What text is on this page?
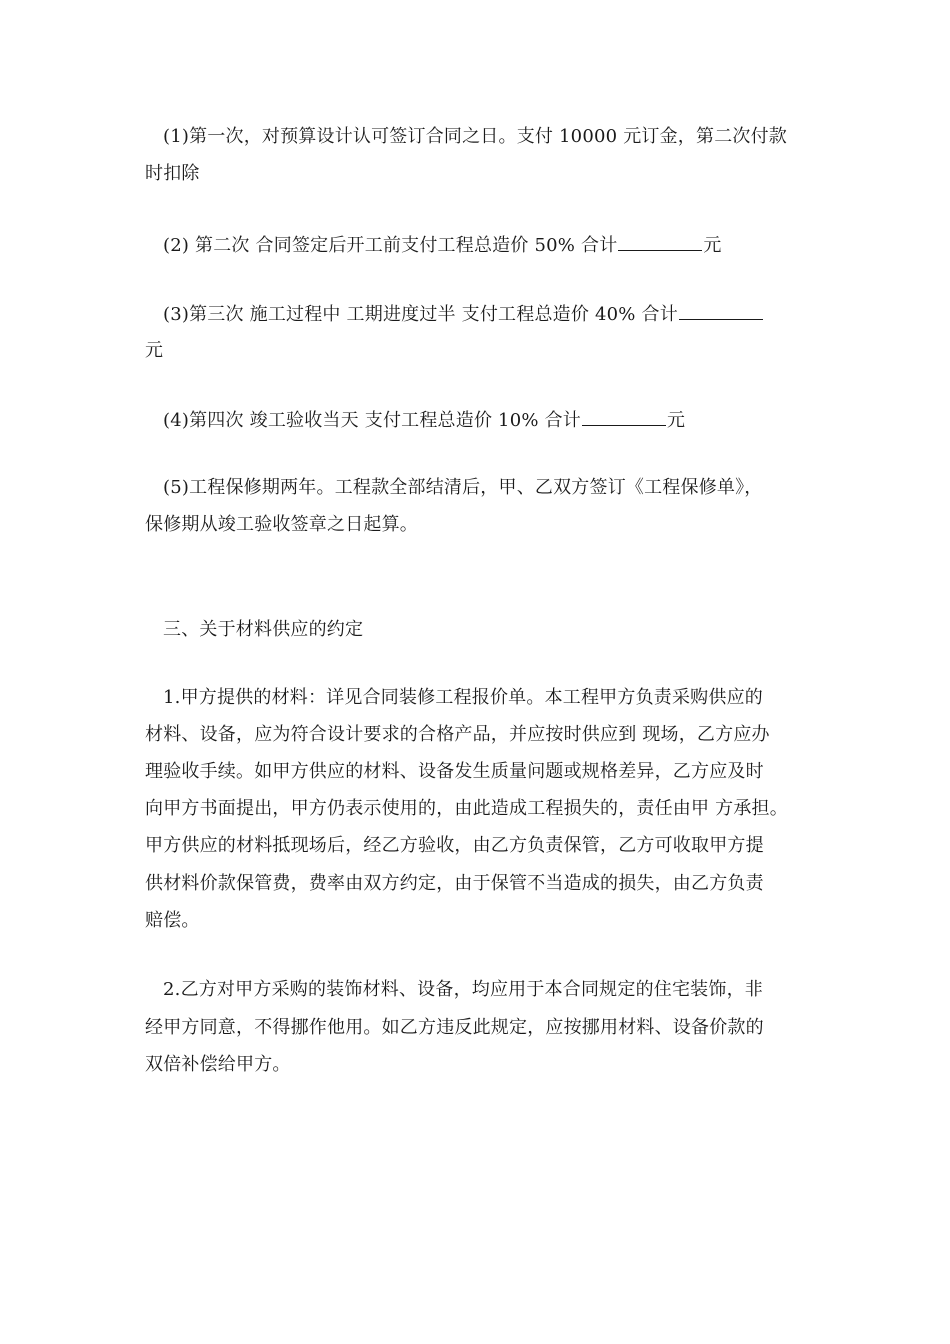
(1)第一次，对预算设计认可签订合同之日。支付 10000 元订金，第二次付款
时扣除
(2) 第二次 合同签定后开工前支付工程总造价 50% 合计	元
(3)第三次 施工过程中 工期进度过半 支付工程总造价 40% 合计
元
(4)第四次 竣工验收当天 支付工程总造价 10% 合计	元
(5)工程保修期两年。工程款全部结清后，甲、乙双方签订《工程保修单》，
保修期从竣工验收签章之日起算。
三、关于材料供应的约定
1.甲方提供的材料：详见合同装修工程报价单。本工程甲方负责采购供应的
材料、设备，应为符合设计要求的合格产品，并应按时供应到 现场，乙方应办
理验收手续。如甲方供应的材料、设备发生质量问题或规格差异，乙方应及时
向甲方书面提出，甲方仍表示使用的，由此造成工程损失的，责任由甲 方承担。
甲方供应的材料抵现场后，经乙方验收，由乙方负责保管，乙方可收取甲方提
供材料价款保管费，费率由双方约定，由于保管不当造成的损失，由乙方负责
赔偿。
2.乙方对甲方采购的装饰材料、设备，均应用于本合同规定的住宅装饰，非
经甲方同意，不得挪作他用。如乙方违反此规定，应按挪用材料、设备价款的
双倍补偿给甲方。
